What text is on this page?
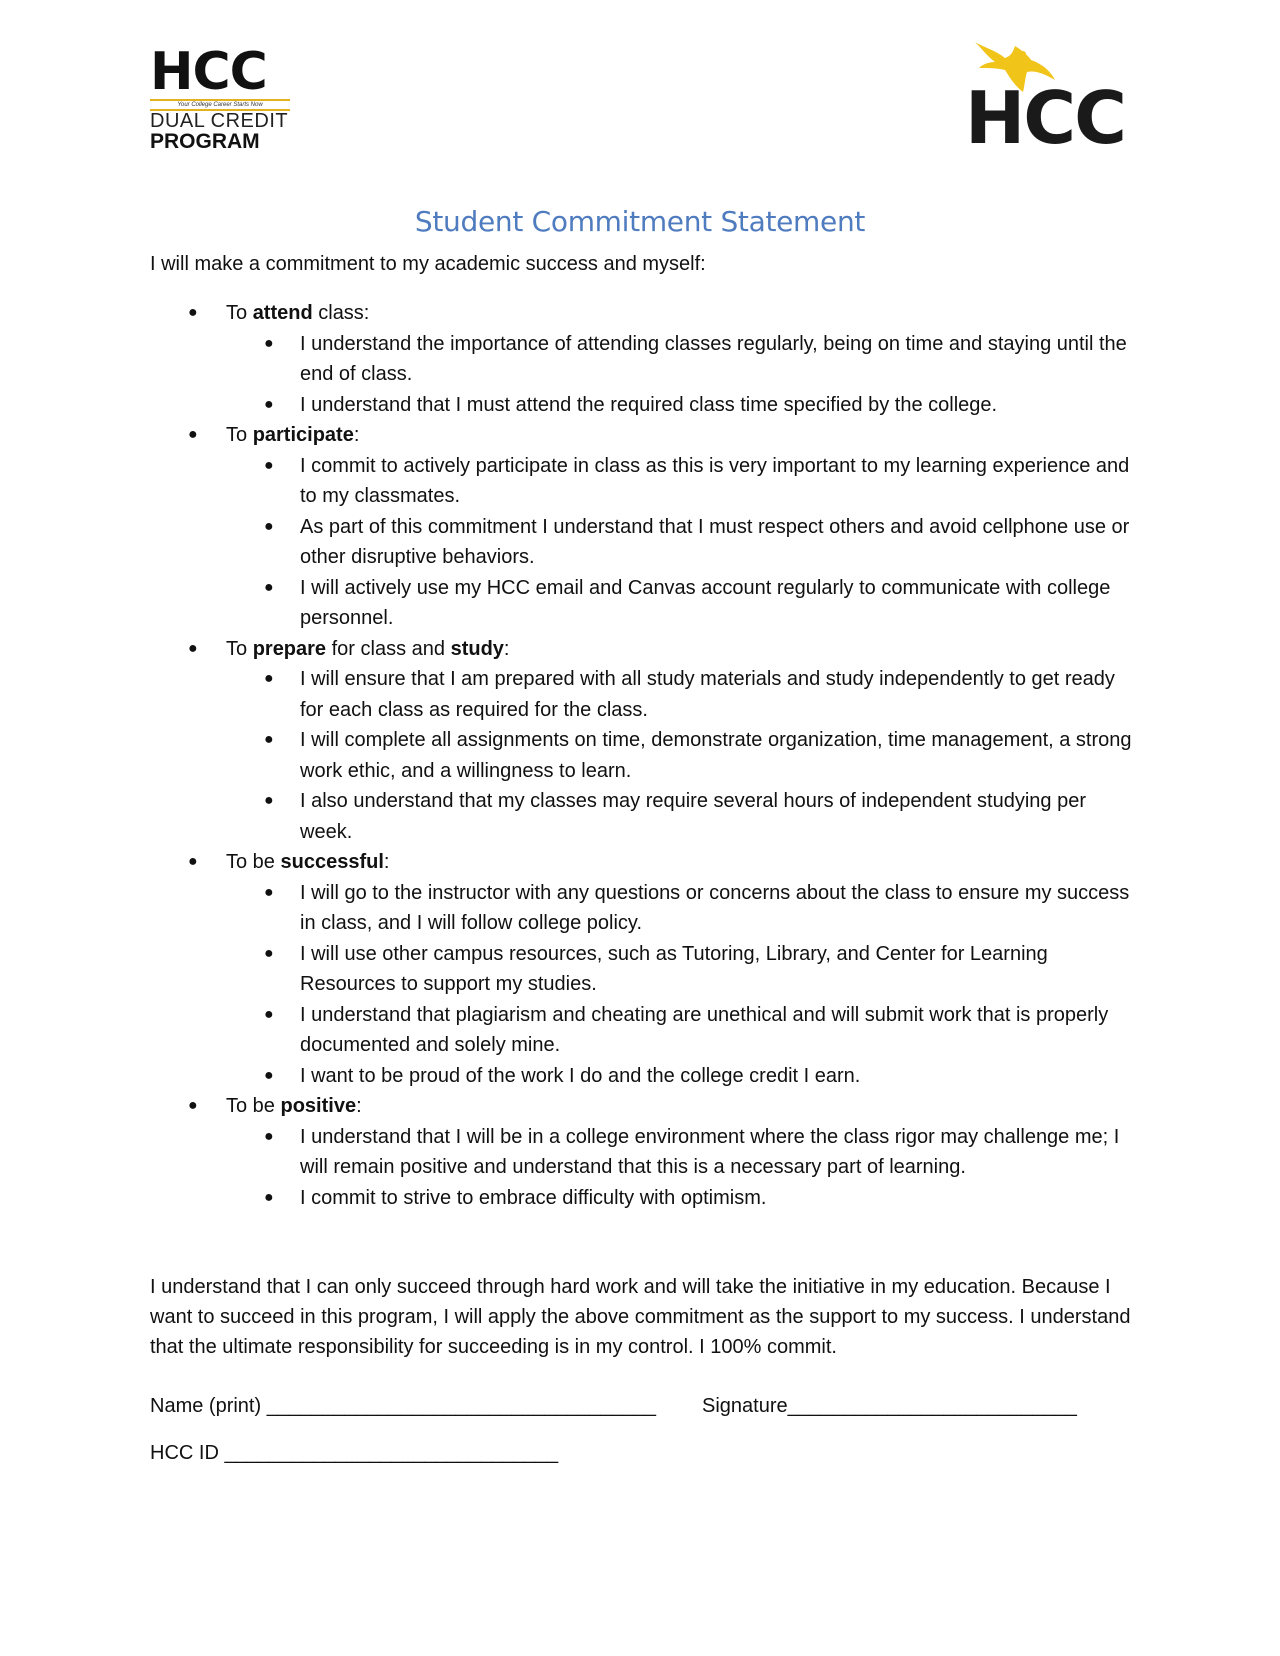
HCC
Your College Career Starts Now
DUAL CREDIT
PROGRAM	HCC
Student Commitment Statement
I will make a commitment to my academic success and myself:
● To attend class:
● I understand the importance of attending classes regularly, being on time and staying until the end of class.
● I understand that I must attend the required class time specified by the college.
● To participate:
● I commit to actively participate in class as this is very important to my learning experience and to my classmates.
● As part of this commitment I understand that I must respect others and avoid cellphone use or other disruptive behaviors.
● I will actively use my HCC email and Canvas account regularly to communicate with college personnel.
● To prepare for class and study:
● I will ensure that I am prepared with all study materials and study independently to get ready for each class as required for the class.
● I will complete all assignments on time, demonstrate organization, time management, a strong work ethic, and a willingness to learn.
● I also understand that my classes may require several hours of independent studying per week.
● To be successful:
● I will go to the instructor with any questions or concerns about the class to ensure my success in class, and I will follow college policy.
● I will use other campus resources, such as Tutoring, Library, and Center for Learning Resources to support my studies.
● I understand that plagiarism and cheating are unethical and will submit work that is properly documented and solely mine.
● I want to be proud of the work I do and the college credit I earn.
● To be positive:
● I understand that I will be in a college environment where the class rigor may challenge me; I will remain positive and understand that this is a necessary part of learning.
● I commit to strive to embrace difficulty with optimism.
I understand that I can only succeed through hard work and will take the initiative in my education. Because I want to succeed in this program, I will apply the above commitment as the support to my success. I understand that the ultimate responsibility for succeeding is in my control. I 100% commit.
Name (print) ___________________________________ Signature__________________________
HCC ID ______________________________
